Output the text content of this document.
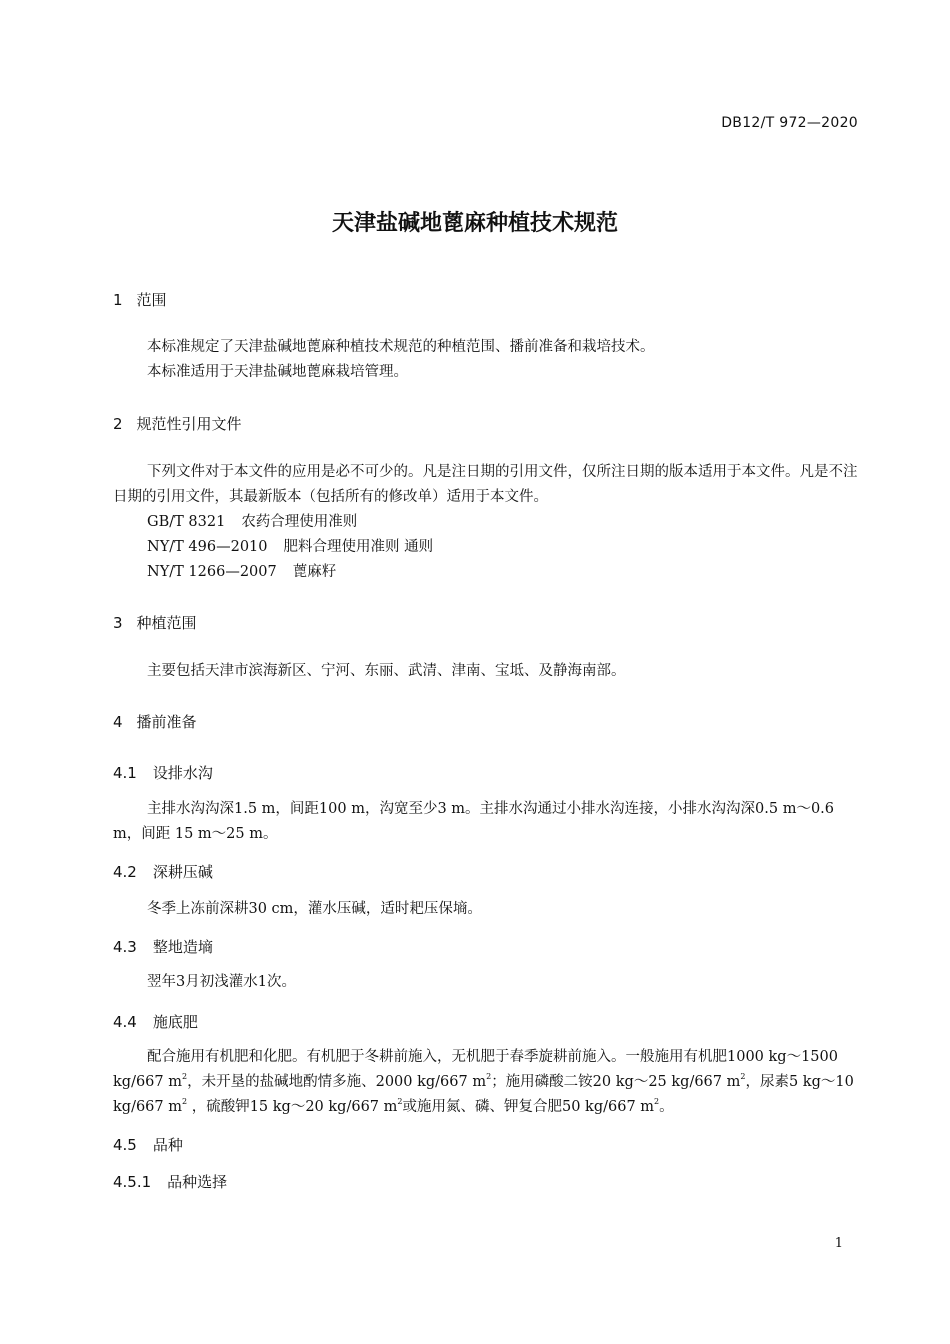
DB12/T 972—2020
天津盐碱地蓖麻种植技术规范
1 范围
本标准规定了天津盐碱地蓖麻种植技术规范的种植范围、播前准备和栽培技术。
本标准适用于天津盐碱地蓖麻栽培管理。
2 规范性引用文件
下列文件对于本文件的应用是必不可少的。凡是注日期的引用文件，仅所注日期的版本适用于本文件。凡是不注日期的引用文件，其最新版本（包括所有的修改单）适用于本文件。
GB/T 8321 农药合理使用准则
NY/T 496—2010 肥料合理使用准则 通则
NY/T 1266—2007 蓖麻籽
3 种植范围
主要包括天津市滨海新区、宁河、东丽、武清、津南、宝坻、及静海南部。
4 播前准备
4.1 设排水沟
主排水沟沟深1.5 m，间距100 m，沟宽至少3 m。主排水沟通过小排水沟连接，小排水沟沟深0.5 m～0.6 m，间距 15 m～25 m。
4.2 深耕压碱
冬季上冻前深耕30 cm，灌水压碱，适时耙压保墒。
4.3 整地造墒
翌年3月初浅灌水1次。
4.4 施底肥
配合施用有机肥和化肥。有机肥于冬耕前施入，无机肥于春季旋耕前施入。一般施用有机肥1000 kg～1500 kg/667 $m^2$，未开垦的盐碱地酌情多施、2000 kg/667 $m^2$；施用磷酸二铵20 kg～25 kg/667 $m^2$，尿素5 kg～10 kg/667 $m^2$ ，硫酸钾15 kg～20 kg/667 $m^2$或施用氮、磷、钾复合肥50 kg/667 $m^2$。
4.5 品种
4.5.1 品种选择
1
